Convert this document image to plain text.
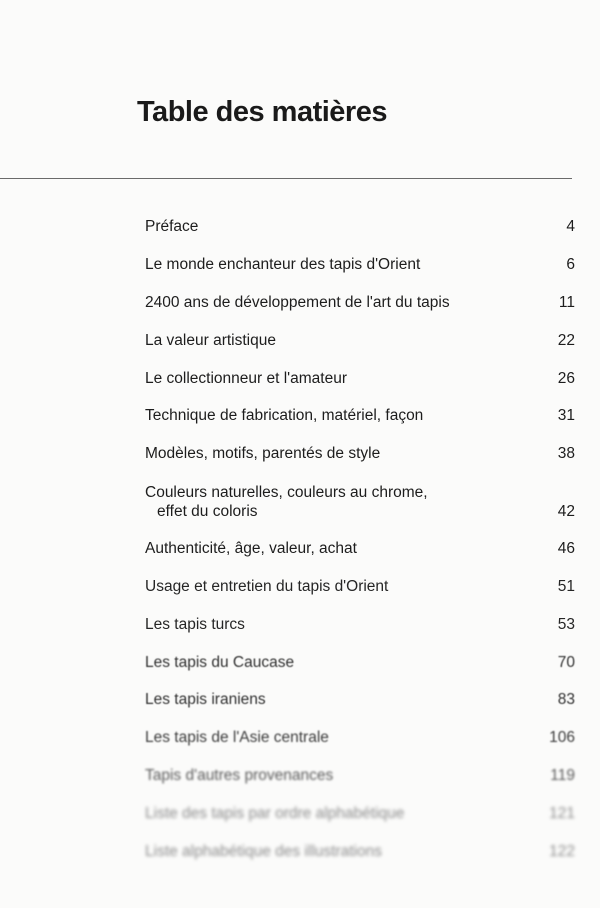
Table des matières
Préface	4
Le monde enchanteur des tapis d'Orient	6
2400 ans de développement de l'art du tapis	11
La valeur artistique	22
Le collectionneur et l'amateur	26
Technique de fabrication, matériel, façon	31
Modèles, motifs, parentés de style	38
Couleurs naturelles, couleurs au chrome,
effet du coloris	42
Authenticité, âge, valeur, achat	46
Usage et entretien du tapis d'Orient	51
Les tapis turcs	53
Les tapis du Caucase	70
Les tapis iraniens	83
Les tapis de l'Asie centrale	106
Tapis d'autres provenances	119
Liste des tapis par ordre alphabétique	121
Liste alphabétique des illustrations	122
